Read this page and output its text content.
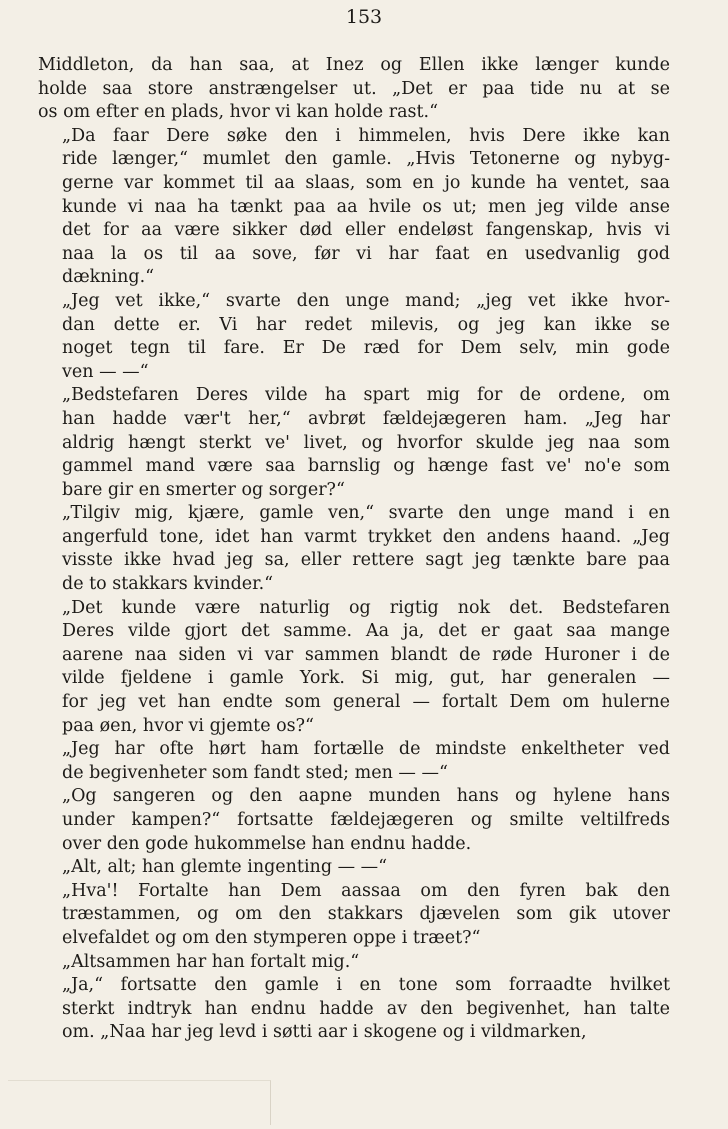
153
Middleton, da han saa, at Inez og Ellen ikke længer kunde
holde saa store anstrængelser ut. „Det er paa tide nu at se
os om efter en plads, hvor vi kan holde rast.“
„Da faar Dere søke den i himmelen, hvis Dere ikke kan
ride længer,“ mumlet den gamle. „Hvis Tetonerne og nybyg-
gerne var kommet til aa slaas, som en jo kunde ha ventet, saa
kunde vi naa ha tænkt paa aa hvile os ut; men jeg vilde anse
det for aa være sikker død eller endeløst fangenskap, hvis vi
naa la os til aa sove, før vi har faat en usedvanlig god
dækning.“
„Jeg vet ikke,“ svarte den unge mand; „jeg vet ikke hvor-
dan dette er. Vi har redet milevis, og jeg kan ikke se
noget tegn til fare. Er De ræd for Dem selv, min gode
ven — —“
„Bedstefaren Deres vilde ha spart mig for de ordene, om
han hadde vær't her,“ avbrøt fældejægeren ham. „Jeg har
aldrig hængt sterkt ve' livet, og hvorfor skulde jeg naa som
gammel mand være saa barnslig og hænge fast ve' no'e som
bare gir en smerter og sorger?“
„Tilgiv mig, kjære, gamle ven,“ svarte den unge mand i en
angerfuld tone, idet han varmt trykket den andens haand. „Jeg
visste ikke hvad jeg sa, eller rettere sagt jeg tænkte bare paa
de to stakkars kvinder.“
„Det kunde være naturlig og rigtig nok det. Bedstefaren
Deres vilde gjort det samme. Aa ja, det er gaat saa mange
aarene naa siden vi var sammen blandt de røde Huroner i de
vilde fjeldene i gamle York. Si mig, gut, har generalen —
for jeg vet han endte som general — fortalt Dem om hulerne
paa øen, hvor vi gjemte os?“
„Jeg har ofte hørt ham fortælle de mindste enkeltheter ved
de begivenheter som fandt sted; men — —“
„Og sangeren og den aapne munden hans og hylene hans
under kampen?“ fortsatte fældejægeren og smilte veltilfreds
over den gode hukommelse han endnu hadde.
„Alt, alt; han glemte ingenting — —“
„Hva'! Fortalte han Dem aassaa om den fyren bak den
træstammen, og om den stakkars djævelen som gik utover
elvefaldet og om den stymperen oppe i træet?“
„Altsammen har han fortalt mig.“
„Ja,“ fortsatte den gamle i en tone som forraadte hvilket
sterkt indtryk han endnu hadde av den begivenhet, han talte
om. „Naa har jeg levd i søtti aar i skogene og i vildmarken,
